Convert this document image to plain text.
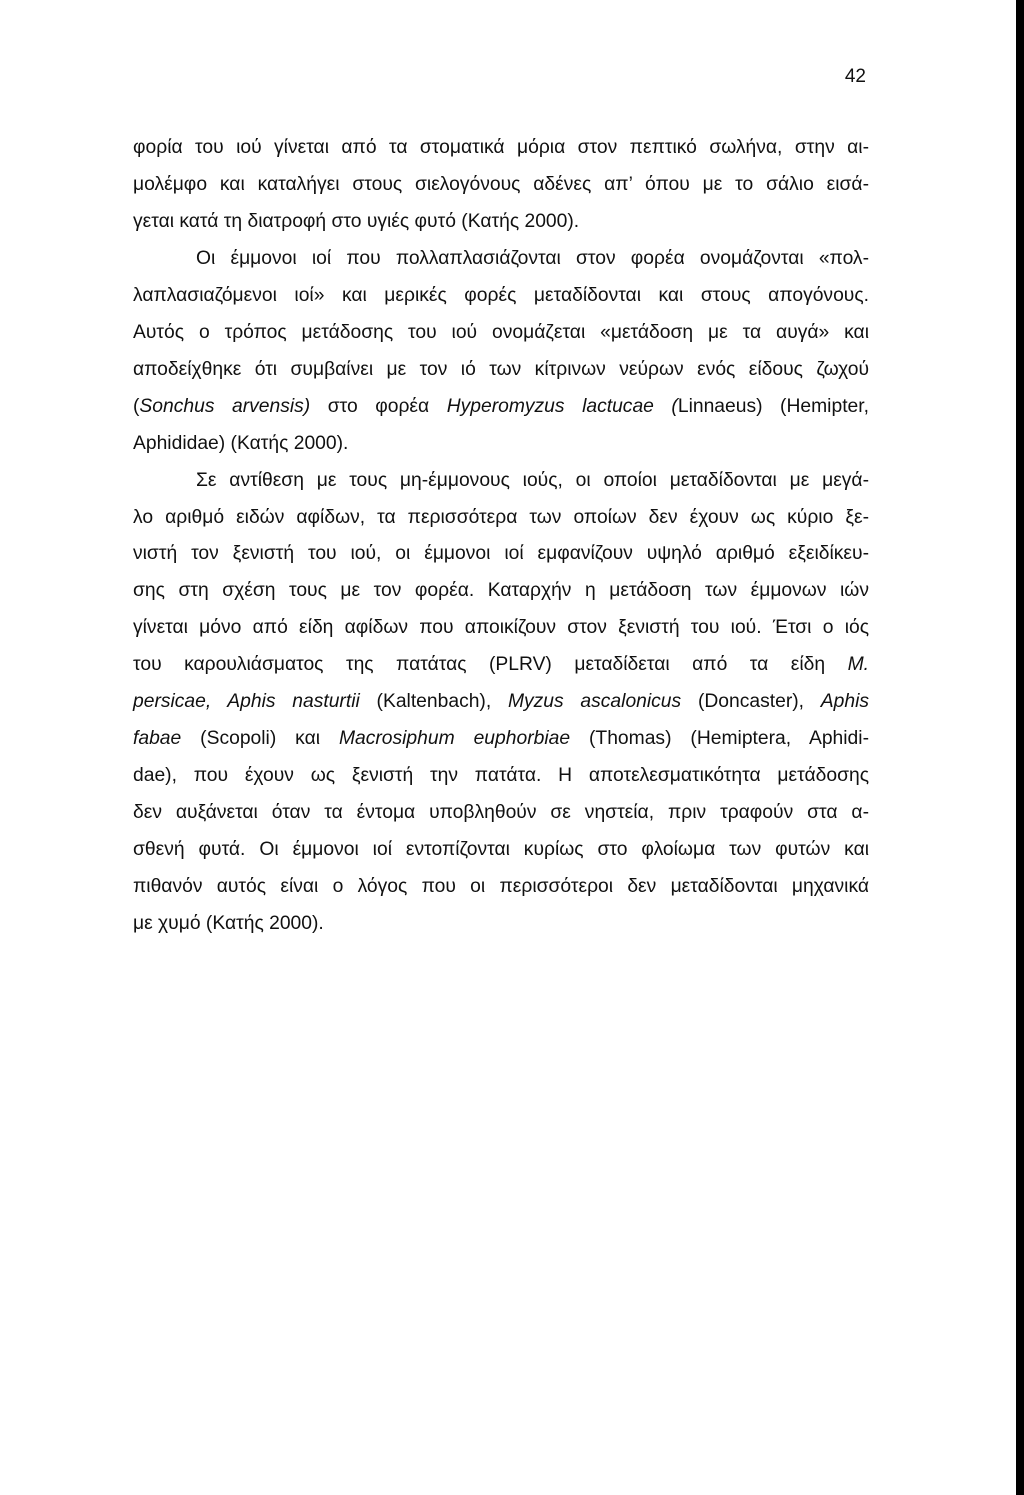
42
φορία του ιού γίνεται από τα στοματικά μόρια στον πεπτικό σωλήνα, στην αι-
μολέμφο και καταλήγει στους σιελογόνους αδένες απ’ όπου με το σάλιο εισά-
γεται κατά τη διατροφή στο υγιές φυτό (Κατής 2000).
Οι έμμονοι ιοί που πολλαπλασιάζονται στον φορέα ονομάζονται «πολ-
λαπλασιαζόμενοι ιοί» και μερικές φορές μεταδίδονται και στους απογόνους.
Αυτός ο τρόπος μετάδοσης του ιού ονομάζεται «μετάδοση με τα αυγά» και
αποδείχθηκε ότι συμβαίνει με τον ιό των κίτρινων νεύρων ενός είδους ζωχού
(Sonchus arvensis) στο φορέα Hyperomyzus lactucae (Linnaeus) (Hemipter,
Aphididae) (Κατής 2000).
Σε αντίθεση με τους μη-έμμονους ιούς, οι οποίοι μεταδίδονται με μεγά-
λο αριθμό ειδών αφίδων, τα περισσότερα των οποίων δεν έχουν ως κύριο ξε-
νιστή τον ξενιστή του ιού, οι έμμονοι ιοί εμφανίζουν υψηλό αριθμό εξειδίκευ-
σης στη σχέση τους με τον φορέα. Καταρχήν η μετάδοση των έμμονων ιών
γίνεται μόνο από είδη αφίδων που αποικίζουν στον ξενιστή του ιού. Έτσι ο ιός
του καρουλιάσματος της πατάτας (PLRV) μεταδίδεται από τα είδη M.
persicae, Aphis nasturtii (Kaltenbach), Myzus ascalonicus (Doncaster), Aphis
fabae (Scopoli) και Macrosiphum euphorbiae (Thomas) (Hemiptera, Aphidi-
dae), που έχουν ως ξενιστή την πατάτα. Η αποτελεσματικότητα μετάδοσης
δεν αυξάνεται όταν τα έντομα υποβληθούν σε νηστεία, πριν τραφούν στα α-
σθενή φυτά. Οι έμμονοι ιοί εντοπίζονται κυρίως στο φλοίωμα των φυτών και
πιθανόν αυτός είναι ο λόγος που οι περισσότεροι δεν μεταδίδονται μηχανικά
με χυμό (Κατής 2000).
